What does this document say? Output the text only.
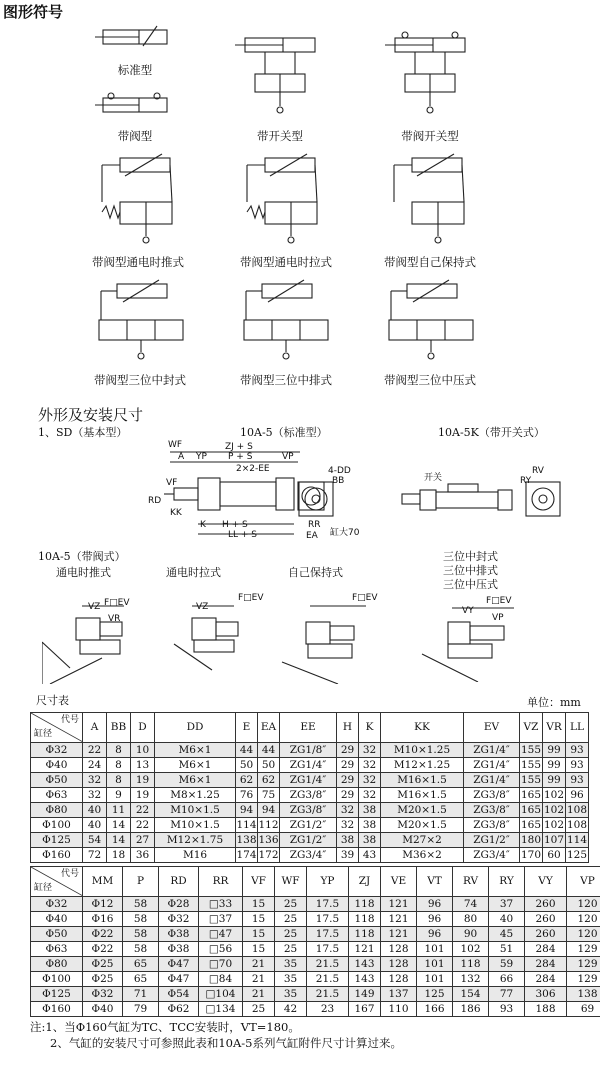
图形符号
标准型
带阀型	带开关型	带阀开关型
带阀型通电时推式	带阀型通电时拉式	带阀型自己保持式
带阀型三位中封式	带阀型三位中排式	带阀型三位中压式
外形及安装尺寸
1、SD（基本型）	10A-5（标准型）	10A-5K（带开关式）
WF	ZJ + S
P + S
A YP	VP
2×2-EE	4-DD
BB
VF
RD
KK
K H + S
LL + S
RR
EA 缸大70
开关
RV
RY
10A-5（带阀式）
通电时推式	通电时拉式	自己保持式
三位中封式
三位中排式
三位中压式
VZ
VR
F□EV	VZ
F□EV	F□EV
VY
VP
F□EV
尺寸表	单位：mm
代号
缸径	A	BB	D	DD	E	EA	EE	H	K	KK	EV	VZ	VR	LL
Φ32	22	8	10	M6×1	44	44	ZG1/8″	29	32	M10×1.25	ZG1/4″	155	99	93
Φ40	24	8	13	M6×1	50	50	ZG1/4″	29	32	M12×1.25	ZG1/4″	155	99	93
Φ50	32	8	19	M6×1	62	62	ZG1/4″	29	32	M16×1.5	ZG1/4″	155	99	93
Φ63	32	9	19	M8×1.25	76	75	ZG3/8″	29	32	M16×1.5	ZG3/8″	165	102	96
Φ80	40	11	22	M10×1.5	94	94	ZG3/8″	32	38	M20×1.5	ZG3/8″	165	102	108
Φ100	40	14	22	M10×1.5	114	112	ZG1/2″	32	38	M20×1.5	ZG3/8″	165	102	108
Φ125	54	14	27	M12×1.75	138	136	ZG1/2″	38	38	M27×2	ZG1/2″	180	107	114
Φ160	72	18	36	M16	174	172	ZG3/4″	39	43	M36×2	ZG3/4″	170	60	125
代号
缸径	MM	P	RD	RR	VF	WF	YP	ZJ	VE	VT	RV	RY	VY	VP
Φ32	Φ12	58	Φ28	□33	15	25	17.5	118	121	96	74	37	260	120
Φ40	Φ16	58	Φ32	□37	15	25	17.5	118	121	96	80	40	260	120
Φ50	Φ22	58	Φ38	□47	15	25	17.5	118	121	96	90	45	260	120
Φ63	Φ22	58	Φ38	□56	15	25	17.5	121	128	101	102	51	284	129
Φ80	Φ25	65	Φ47	□70	21	35	21.5	143	128	101	118	59	284	129
Φ100	Φ25	65	Φ47	□84	21	35	21.5	143	128	101	132	66	284	129
Φ125	Φ32	71	Φ54	□104	21	35	21.5	149	137	125	154	77	306	138
Φ160	Φ40	79	Φ62	□134	25	42	23	167	110	166	186	93	188	69
注:1、当Φ160气缸为TC、TCC安装时，VT=180。
2、气缸的安装尺寸可参照此表和10A-5系列气缸附件尺寸计算过来。
